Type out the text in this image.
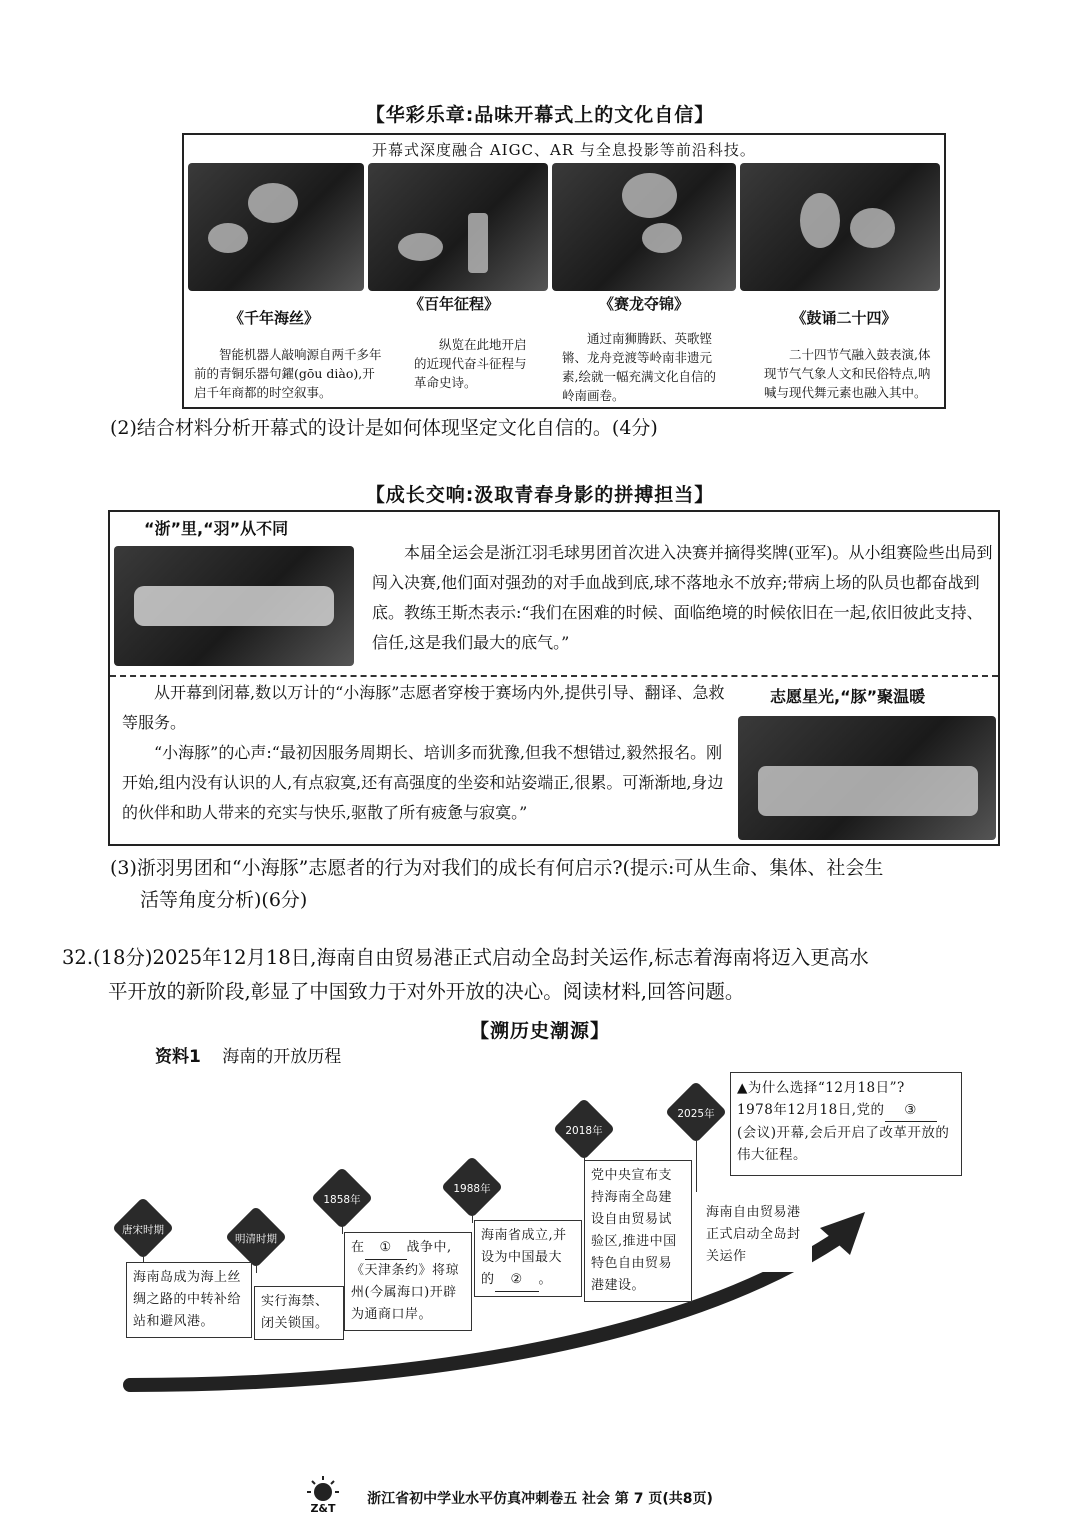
【华彩乐章:品味开幕式上的文化自信】
开幕式深度融合 AIGC、AR 与全息投影等前沿科技。
《千年海丝》
《百年征程》	《赛龙夺锦》
《鼓诵二十四》
智能机器人敲响源自两千多年前的青铜乐器句鑃(gōu diào),开启千年商都的时空叙事。
纵览在此地开启的近现代奋斗征程与革命史诗。
通过南狮腾跃、英歌铿锵、龙舟竞渡等岭南非遗元素,绘就一幅充满文化自信的岭南画卷。
二十四节气融入鼓表演,体现节气气象人文和民俗特点,呐喊与现代舞元素也融入其中。
(2)结合材料分析开幕式的设计是如何体现坚定文化自信的。(4分)
【成长交响:汲取青春身影的拼搏担当】
“浙”里,“羽”从不同
本届全运会是浙江羽毛球男团首次进入决赛并摘得奖牌(亚军)。从小组赛险些出局到闯入决赛,他们面对强劲的对手血战到底,球不落地永不放弃;带病上场的队员也都奋战到底。教练王斯杰表示:“我们在困难的时候、面临绝境的时候依旧在一起,依旧彼此支持、信任,这是我们最大的底气。”
从开幕到闭幕,数以万计的“小海豚”志愿者穿梭于赛场内外,提供引导、翻译、急救等服务。
“小海豚”的心声:“最初因服务周期长、培训多而犹豫,但我不想错过,毅然报名。刚开始,组内没有认识的人,有点寂寞,还有高强度的坐姿和站姿端正,很累。可渐渐地,身边的伙伴和助人带来的充实与快乐,驱散了所有疲惫与寂寞。”
志愿星光,“豚”聚温暖
(3)浙羽男团和“小海豚”志愿者的行为对我们的成长有何启示?(提示:可从生命、集体、社会生
活等角度分析)(6分)
32.(18分)2025年12月18日,海南自由贸易港正式启动全岛封关运作,标志着海南将迈入更高水
平开放的新阶段,彰显了中国致力于对外开放的决心。阅读材料,回答问题。
【溯历史潮源】
资料1 海南的开放历程
唐宋时期
明清时期
1858年
1988年
2018年
2025年
海南岛成为海上丝绸之路的中转补给站和避风港。
实行海禁、闭关锁国。
在 ① 战争中,《天津条约》将琼州(今属海口)开辟为通商口岸。
海南省成立,并设为中国最大的 ② 。
党中央宣布支持海南全岛建设自由贸易试验区,推进中国特色自由贸易港建设。
海南自由贸易港正式启动全岛封关运作
▲为什么选择“12月18日”?
1978年12月18日,党的 ③(会议)开幕,会后开启了改革开放的伟大征程。
Z&T
浙江省初中学业水平仿真冲刺卷五 社会 第 7 页(共8页)
